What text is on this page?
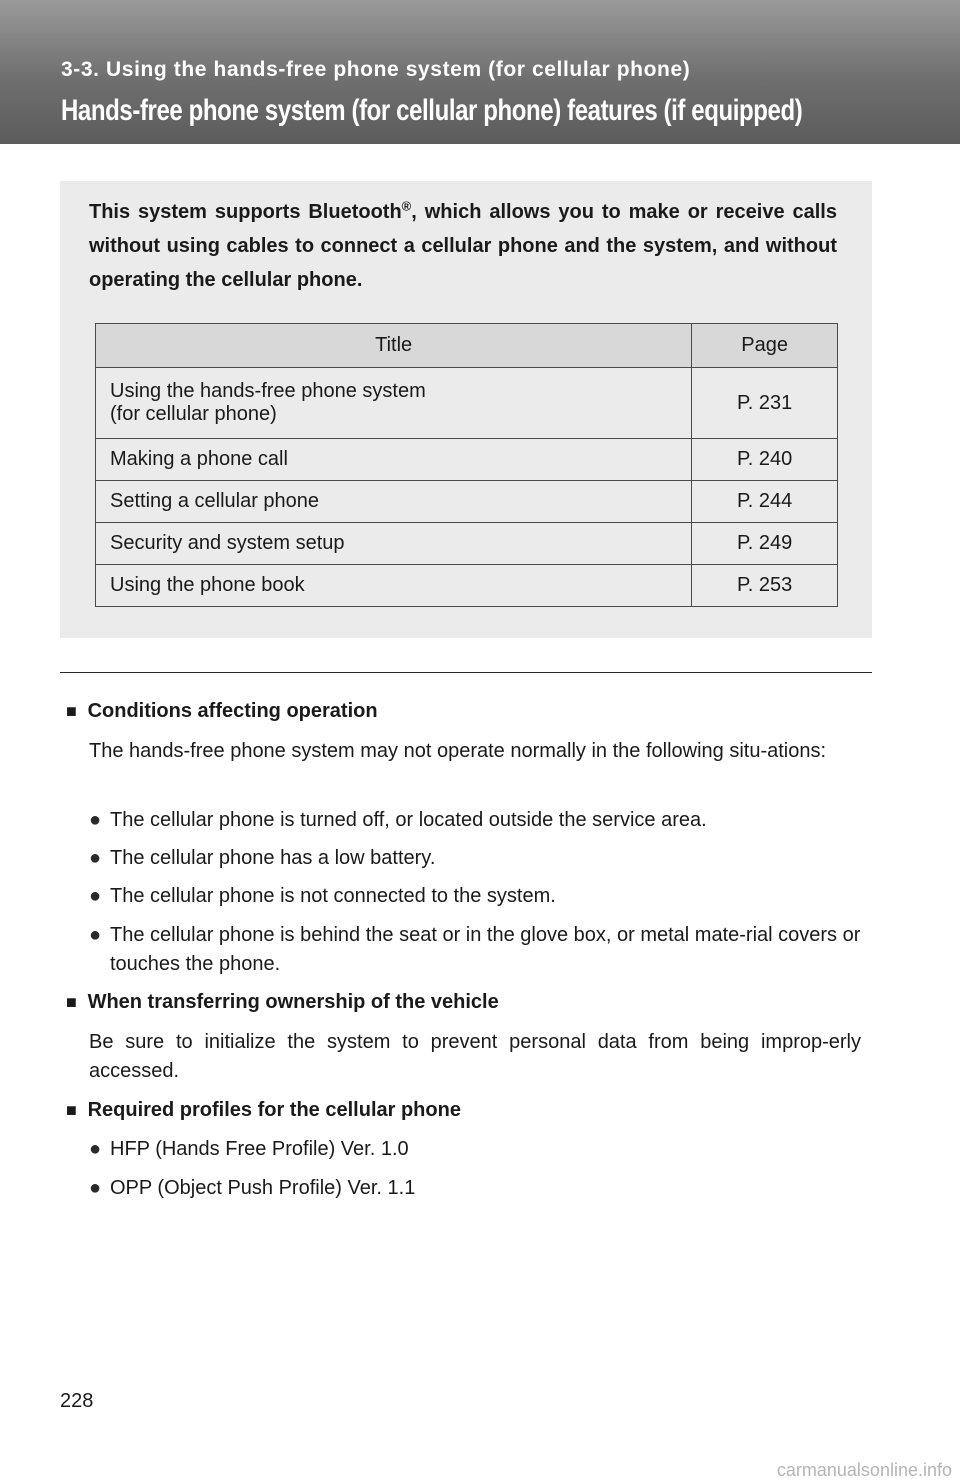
3-3. Using the hands-free phone system (for cellular phone)
Hands-free phone system (for cellular phone) features (if equipped)

This system supports Bluetooth®, which allows you to make or receive calls without using cables to connect a cellular phone and the system, and without operating the cellular phone.

Title	Page
Using the hands-free phone system
(for cellular phone)	P. 231
Making a phone call	P. 240
Setting a cellular phone	P. 244
Security and system setup	P. 249
Using the phone book	P. 253
■ Conditions affecting operation
The hands-free phone system may not operate normally in the following situ-ations:
● The cellular phone is turned off, or located outside the service area.
● The cellular phone has a low battery.
● The cellular phone is not connected to the system.
● The cellular phone is behind the seat or in the glove box, or metal mate-rial covers or touches the phone.
■ When transferring ownership of the vehicle
Be sure to initialize the system to prevent personal data from being improp-erly accessed.
■ Required profiles for the cellular phone
● HFP (Hands Free Profile) Ver. 1.0
● OPP (Object Push Profile) Ver. 1.1

228

carmanualsonline.info
